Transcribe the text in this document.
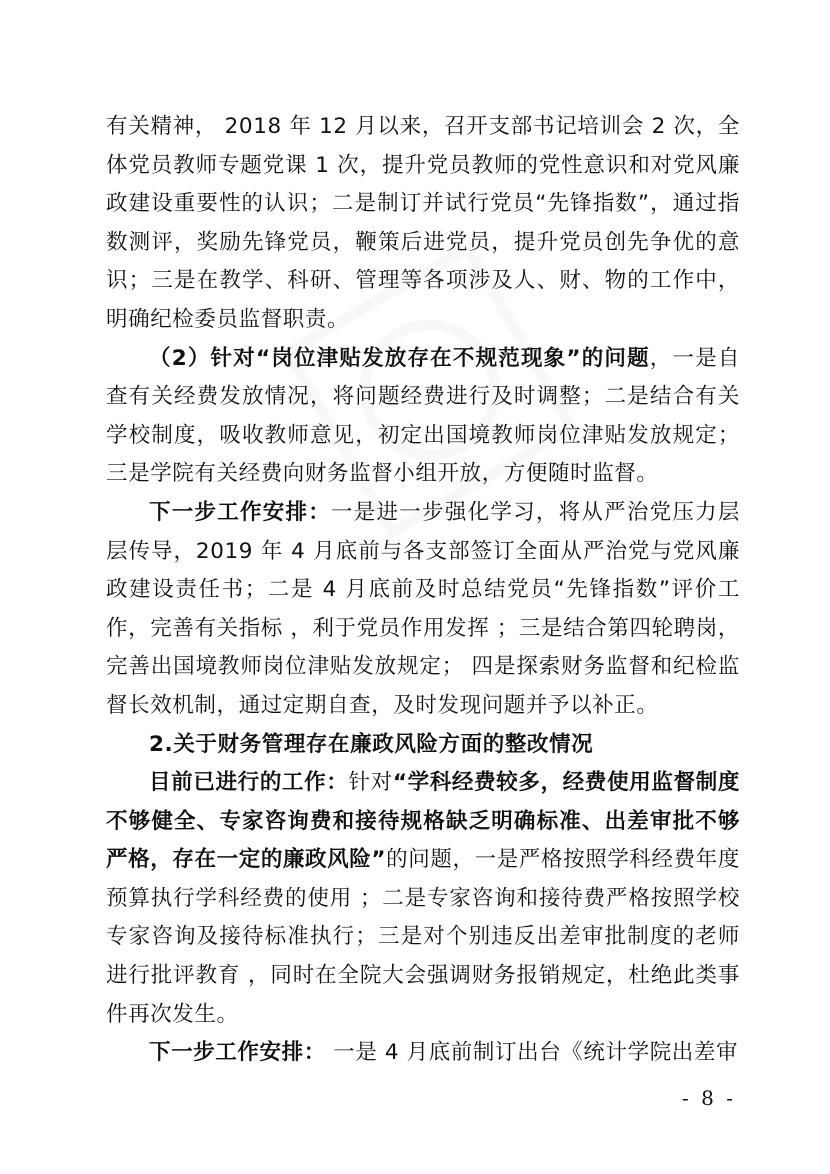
有关精神， 2018 年 12 月以来，召开支部书记培训会 2 次，全体党员教师专题党课 1 次，提升党员教师的党性意识和对党风廉政建设重要性的认识；二是制订并试行党员“先锋指数”，通过指数测评，奖励先锋党员，鞭策后进党员，提升党员创先争优的意识；三是在教学、科研、管理等各项涉及人、财、物的工作中，明确纪检委员监督职责。

（2）针对“岗位津贴发放存在不规范现象”的问题，一是自查有关经费发放情况，将问题经费进行及时调整；二是结合有关学校制度，吸收教师意见，初定出国境教师岗位津贴发放规定；三是学院有关经费向财务监督小组开放，方便随时监督。

下一步工作安排：一是进一步强化学习，将从严治党压力层层传导，2019 年 4 月底前与各支部签订全面从严治党与党风廉政建设责任书；二是 4 月底前及时总结党员“先锋指数”评价工作，完善有关指标 ，利于党员作用发挥 ；三是结合第四轮聘岗，完善出国境教师岗位津贴发放规定； 四是探索财务监督和纪检监督长效机制，通过定期自查，及时发现问题并予以补正。

2.关于财务管理存在廉政风险方面的整改情况

目前已进行的工作：针对“学科经费较多，经费使用监督制度不够健全、专家咨询费和接待规格缺乏明确标准、出差审批不够严格，存在一定的廉政风险”的问题，一是严格按照学科经费年度预算执行学科经费的使用 ；二是专家咨询和接待费严格按照学校专家咨询及接待标准执行；三是对个别违反出差审批制度的老师进行批评教育 ，同时在全院大会强调财务报销规定，杜绝此类事件再次发生。

下一步工作安排： 一是 4 月底前制订出台《统计学院出差审

- 8 -
